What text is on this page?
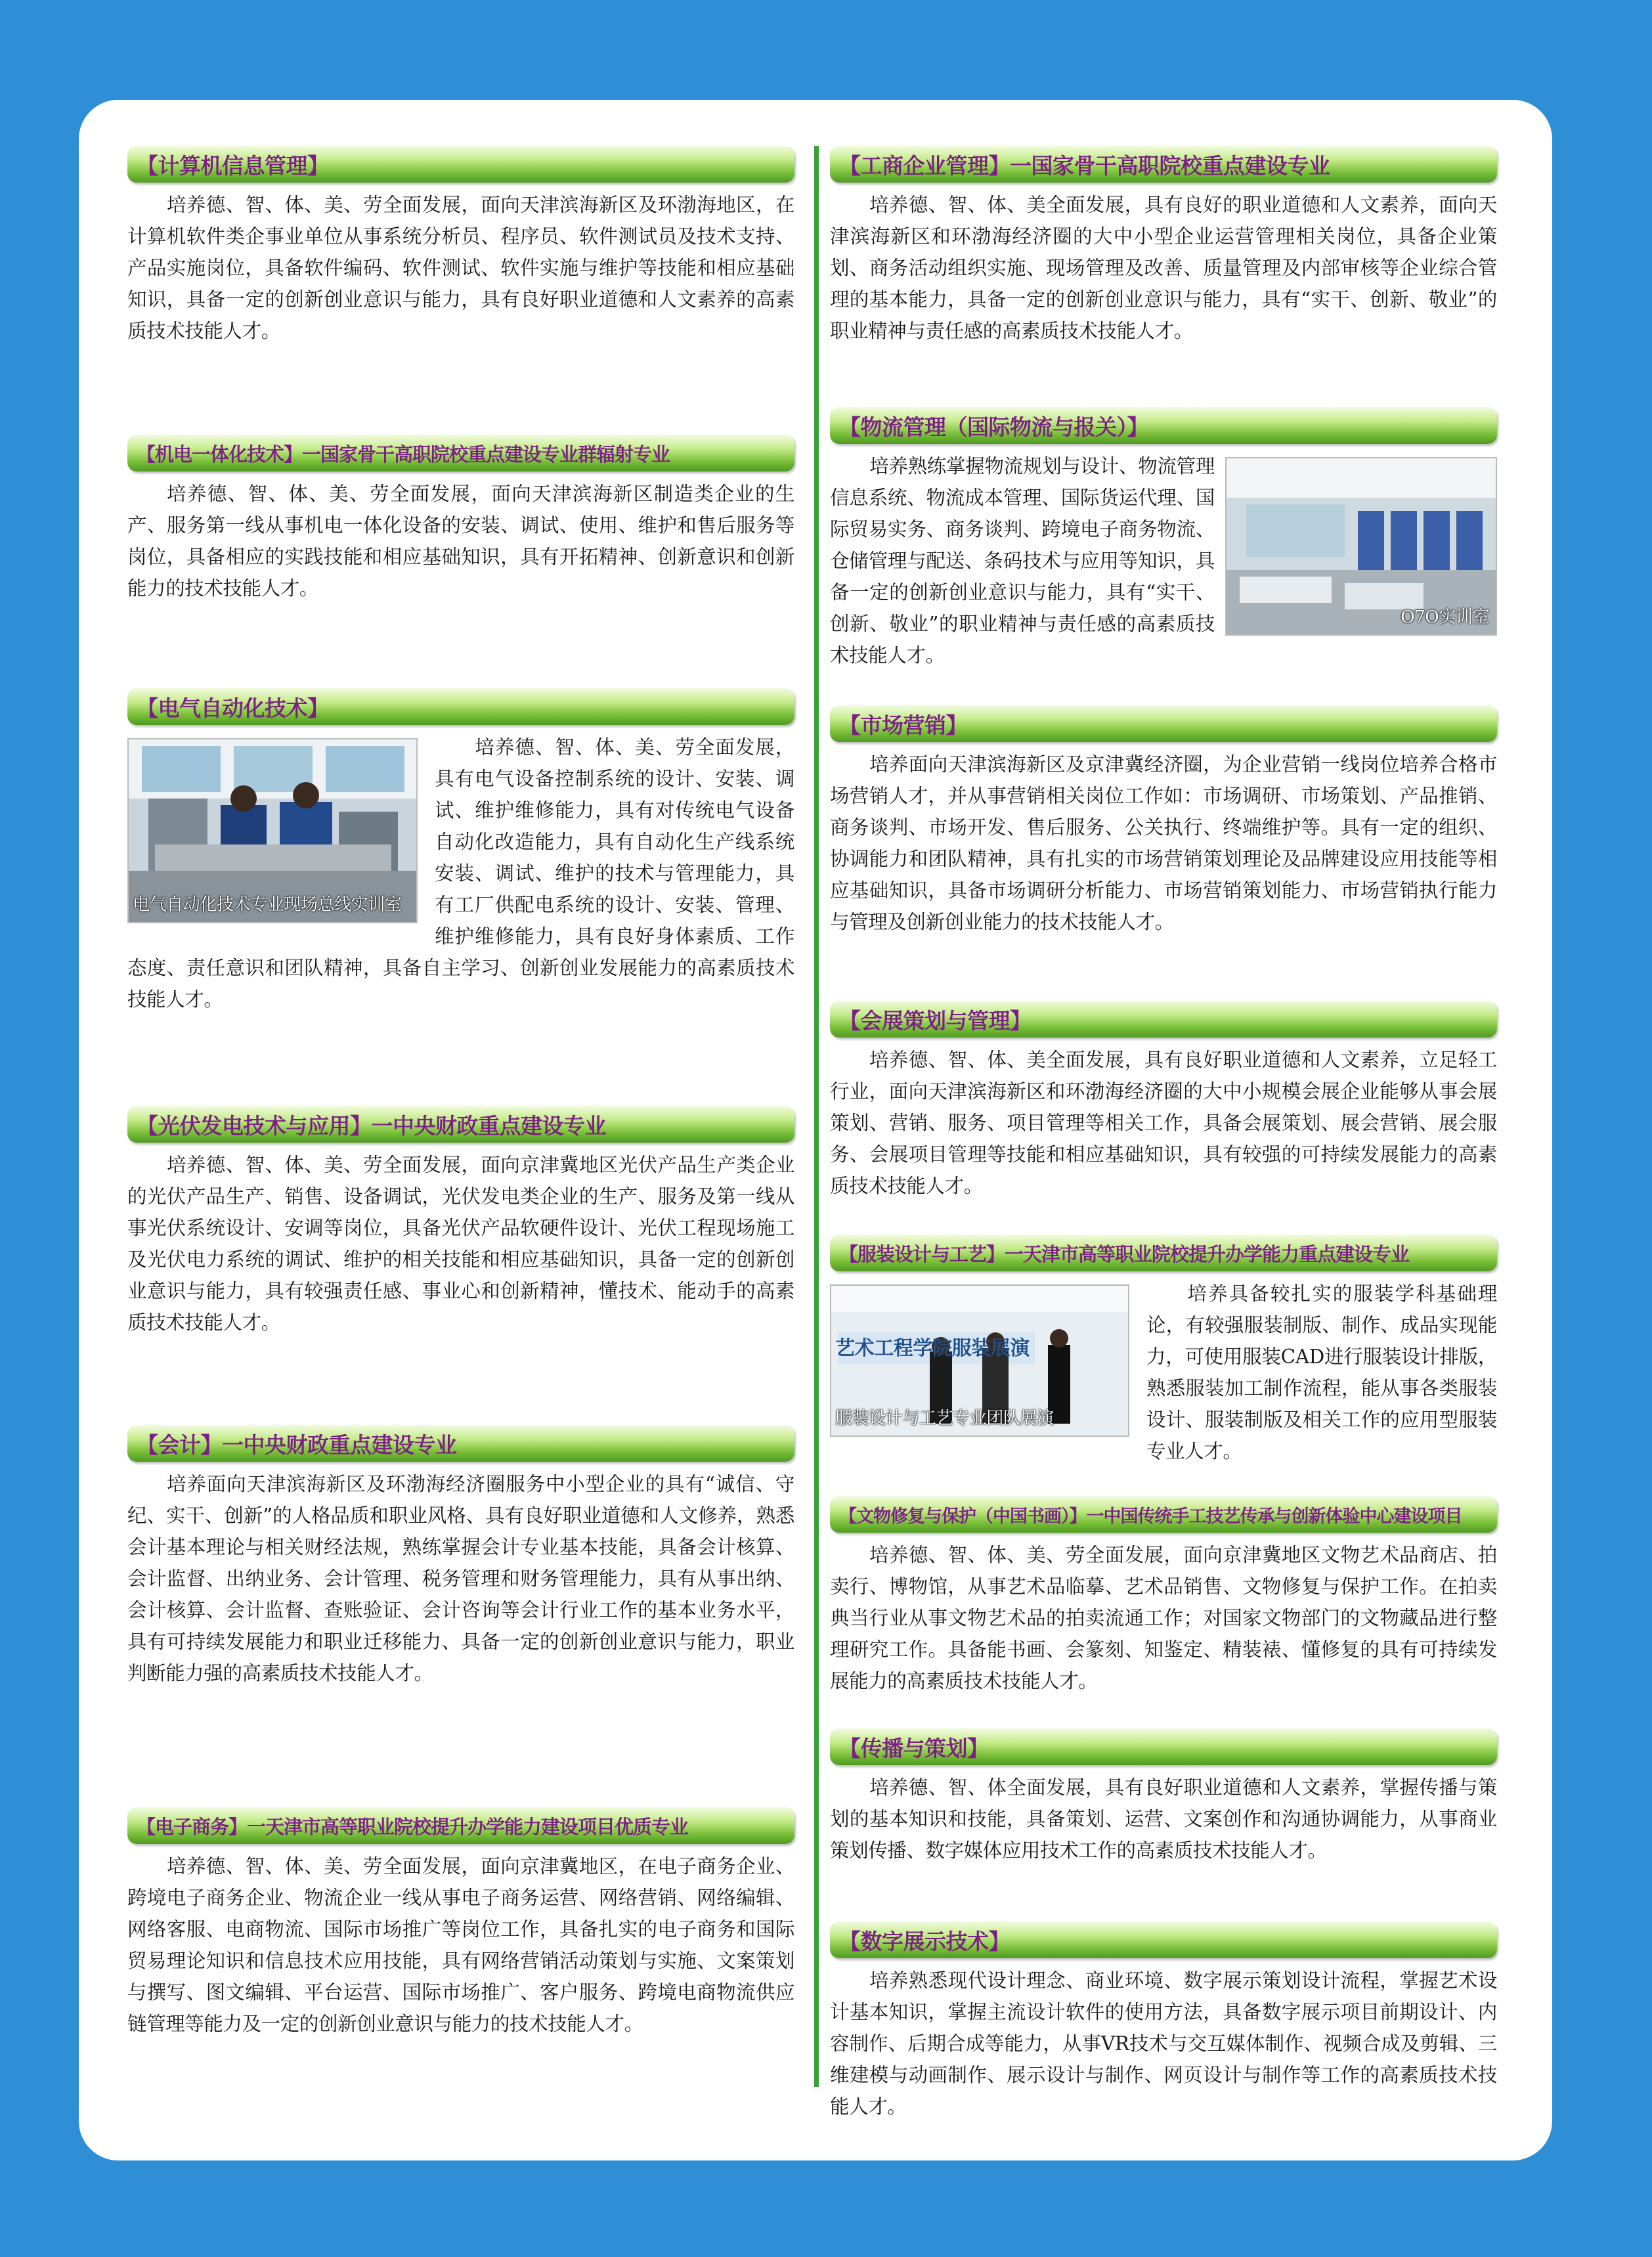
【计算机信息管理】
培养德、智、体、美、劳全面发展，面向天津滨海新区及环渤海地区，在计算机软件类企事业单位从事系统分析员、程序员、软件测试员及技术支持、产品实施岗位，具备软件编码、软件测试、软件实施与维护等技能和相应基础知识，具备一定的创新创业意识与能力，具有良好职业道德和人文素养的高素质技术技能人才。
【机电一体化技术】一国家骨干高职院校重点建设专业群辐射专业
培养德、智、体、美、劳全面发展，面向天津滨海新区制造类企业的生产、服务第一线从事机电一体化设备的安装、调试、使用、维护和售后服务等岗位，具备相应的实践技能和相应基础知识，具有开拓精神、创新意识和创新能力的技术技能人才。
【电气自动化技术】
电气自动化技术专业现场总线实训室
培养德、智、体、美、劳全面发展，具有电气设备控制系统的设计、安装、调试、维护维修能力，具有对传统电气设备自动化改造能力，具有自动化生产线系统安装、调试、维护的技术与管理能力，具有工厂供配电系统的设计、安装、管理、维护维修能力，具有良好身体素质、工作态度、责任意识和团队精神，具备自主学习、创新创业发展能力的高素质技术技能人才。
【光伏发电技术与应用】一中央财政重点建设专业
培养德、智、体、美、劳全面发展，面向京津冀地区光伏产品生产类企业的光伏产品生产、销售、设备调试，光伏发电类企业的生产、服务及第一线从事光伏系统设计、安调等岗位，具备光伏产品软硬件设计、光伏工程现场施工及光伏电力系统的调试、维护的相关技能和相应基础知识，具备一定的创新创业意识与能力，具有较强责任感、事业心和创新精神，懂技术、能动手的高素质技术技能人才。
【会计】一中央财政重点建设专业
培养面向天津滨海新区及环渤海经济圈服务中小型企业的具有“诚信、守纪、实干、创新”的人格品质和职业风格、具有良好职业道德和人文修养，熟悉会计基本理论与相关财经法规，熟练掌握会计专业基本技能，具备会计核算、会计监督、出纳业务、会计管理、税务管理和财务管理能力，具有从事出纳、会计核算、会计监督、查账验证、会计咨询等会计行业工作的基本业务水平，具有可持续发展能力和职业迁移能力、具备一定的创新创业意识与能力，职业判断能力强的高素质技术技能人才。
【电子商务】一天津市高等职业院校提升办学能力建设项目优质专业
培养德、智、体、美、劳全面发展，面向京津冀地区，在电子商务企业、跨境电子商务企业、物流企业一线从事电子商务运营、网络营销、网络编辑、网络客服、电商物流、国际市场推广等岗位工作，具备扎实的电子商务和国际贸易理论知识和信息技术应用技能，具有网络营销活动策划与实施、文案策划与撰写、图文编辑、平台运营、国际市场推广、客户服务、跨境电商物流供应链管理等能力及一定的创新创业意识与能力的技术技能人才。
【工商企业管理】一国家骨干高职院校重点建设专业
培养德、智、体、美全面发展，具有良好的职业道德和人文素养，面向天津滨海新区和环渤海经济圈的大中小型企业运营管理相关岗位，具备企业策划、商务活动组织实施、现场管理及改善、质量管理及内部审核等企业综合管理的基本能力，具备一定的创新创业意识与能力，具有“实干、创新、敬业”的职业精神与责任感的高素质技术技能人才。
【物流管理（国际物流与报关）】
O7O实训室
培养熟练掌握物流规划与设计、物流管理信息系统、物流成本管理、国际货运代理、国际贸易实务、商务谈判、跨境电子商务物流、仓储管理与配送、条码技术与应用等知识，具备一定的创新创业意识与能力，具有“实干、创新、敬业”的职业精神与责任感的高素质技术技能人才。
【市场营销】
培养面向天津滨海新区及京津冀经济圈，为企业营销一线岗位培养合格市场营销人才，并从事营销相关岗位工作如：市场调研、市场策划、产品推销、商务谈判、市场开发、售后服务、公关执行、终端维护等。具有一定的组织、协调能力和团队精神，具有扎实的市场营销策划理论及品牌建设应用技能等相应基础知识，具备市场调研分析能力、市场营销策划能力、市场营销执行能力与管理及创新创业能力的技术技能人才。
【会展策划与管理】
培养德、智、体、美全面发展，具有良好职业道德和人文素养，立足轻工行业，面向天津滨海新区和环渤海经济圈的大中小规模会展企业能够从事会展策划、营销、服务、项目管理等相关工作，具备会展策划、展会营销、展会服务、会展项目管理等技能和相应基础知识，具有较强的可持续发展能力的高素质技术技能人才。
【服装设计与工艺】一天津市高等职业院校提升办学能力重点建设专业
艺术工程学院服装展演
服装设计与工艺专业团队展演
培养具备较扎实的服装学科基础理论，有较强服装制版、制作、成品实现能力，可使用服装CAD进行服装设计排版，熟悉服装加工制作流程，能从事各类服装设计、服装制版及相关工作的应用型服装专业人才。
【文物修复与保护（中国书画）】一中国传统手工技艺传承与创新体验中心建设项目
培养德、智、体、美、劳全面发展，面向京津冀地区文物艺术品商店、拍卖行、博物馆，从事艺术品临摹、艺术品销售、文物修复与保护工作。在拍卖典当行业从事文物艺术品的拍卖流通工作；对国家文物部门的文物藏品进行整理研究工作。具备能书画、会篆刻、知鉴定、精装裱、懂修复的具有可持续发展能力的高素质技术技能人才。
【传播与策划】
培养德、智、体全面发展，具有良好职业道德和人文素养，掌握传播与策划的基本知识和技能，具备策划、运营、文案创作和沟通协调能力，从事商业策划传播、数字媒体应用技术工作的高素质技术技能人才。
【数字展示技术】
培养熟悉现代设计理念、商业环境、数字展示策划设计流程，掌握艺术设计基本知识，掌握主流设计软件的使用方法，具备数字展示项目前期设计、内容制作、后期合成等能力，从事VR技术与交互媒体制作、视频合成及剪辑、三维建模与动画制作、展示设计与制作、网页设计与制作等工作的高素质技术技能人才。
